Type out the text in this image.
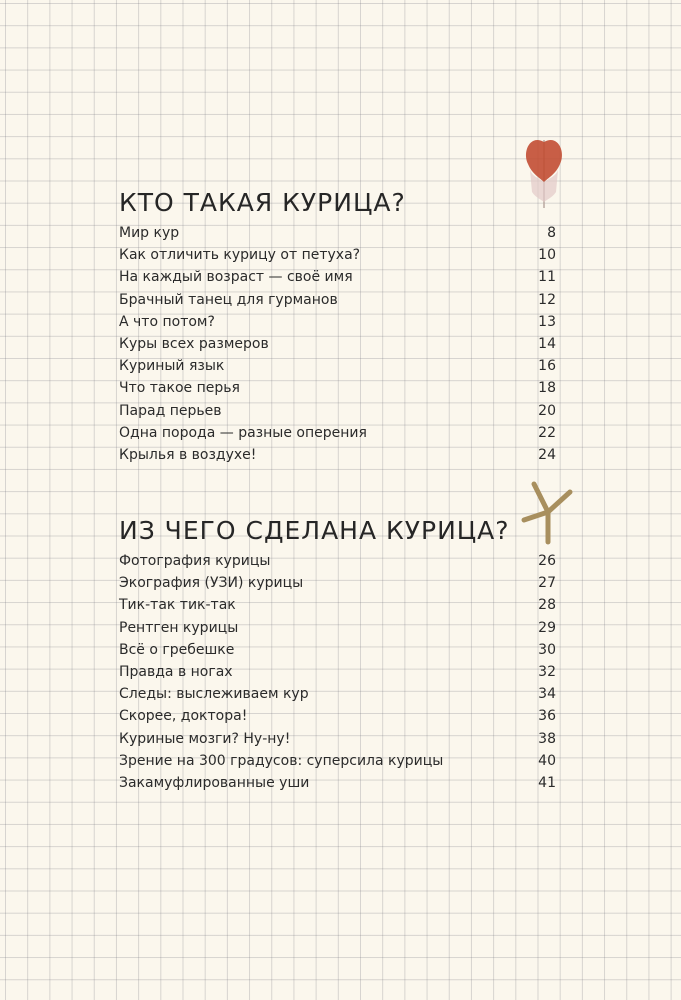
КТО ТАКАЯ КУРИЦА?
Мир кур	8
Как отличить курицу от петуха?	10
На каждый возраст — своё имя	11
Брачный танец для гурманов	12
А что потом?	13
Куры всех размеров	14
Куриный язык	16
Что такое перья	18
Парад перьев	20
Одна порода — разные оперения	22
Крылья в воздухе!	24
ИЗ ЧЕГО СДЕЛАНА КУРИЦА?
Фотография курицы	26
Экография (УЗИ) курицы	27
Тик-так тик-так	28
Рентген курицы	29
Всё о гребешке	30
Правда в ногах	32
Следы: выслеживаем кур	34
Скорее, доктора!	36
Куриные мозги? Ну-ну!	38
Зрение на 300 градусов: суперсила курицы	40
Закамуфлированные уши	41
